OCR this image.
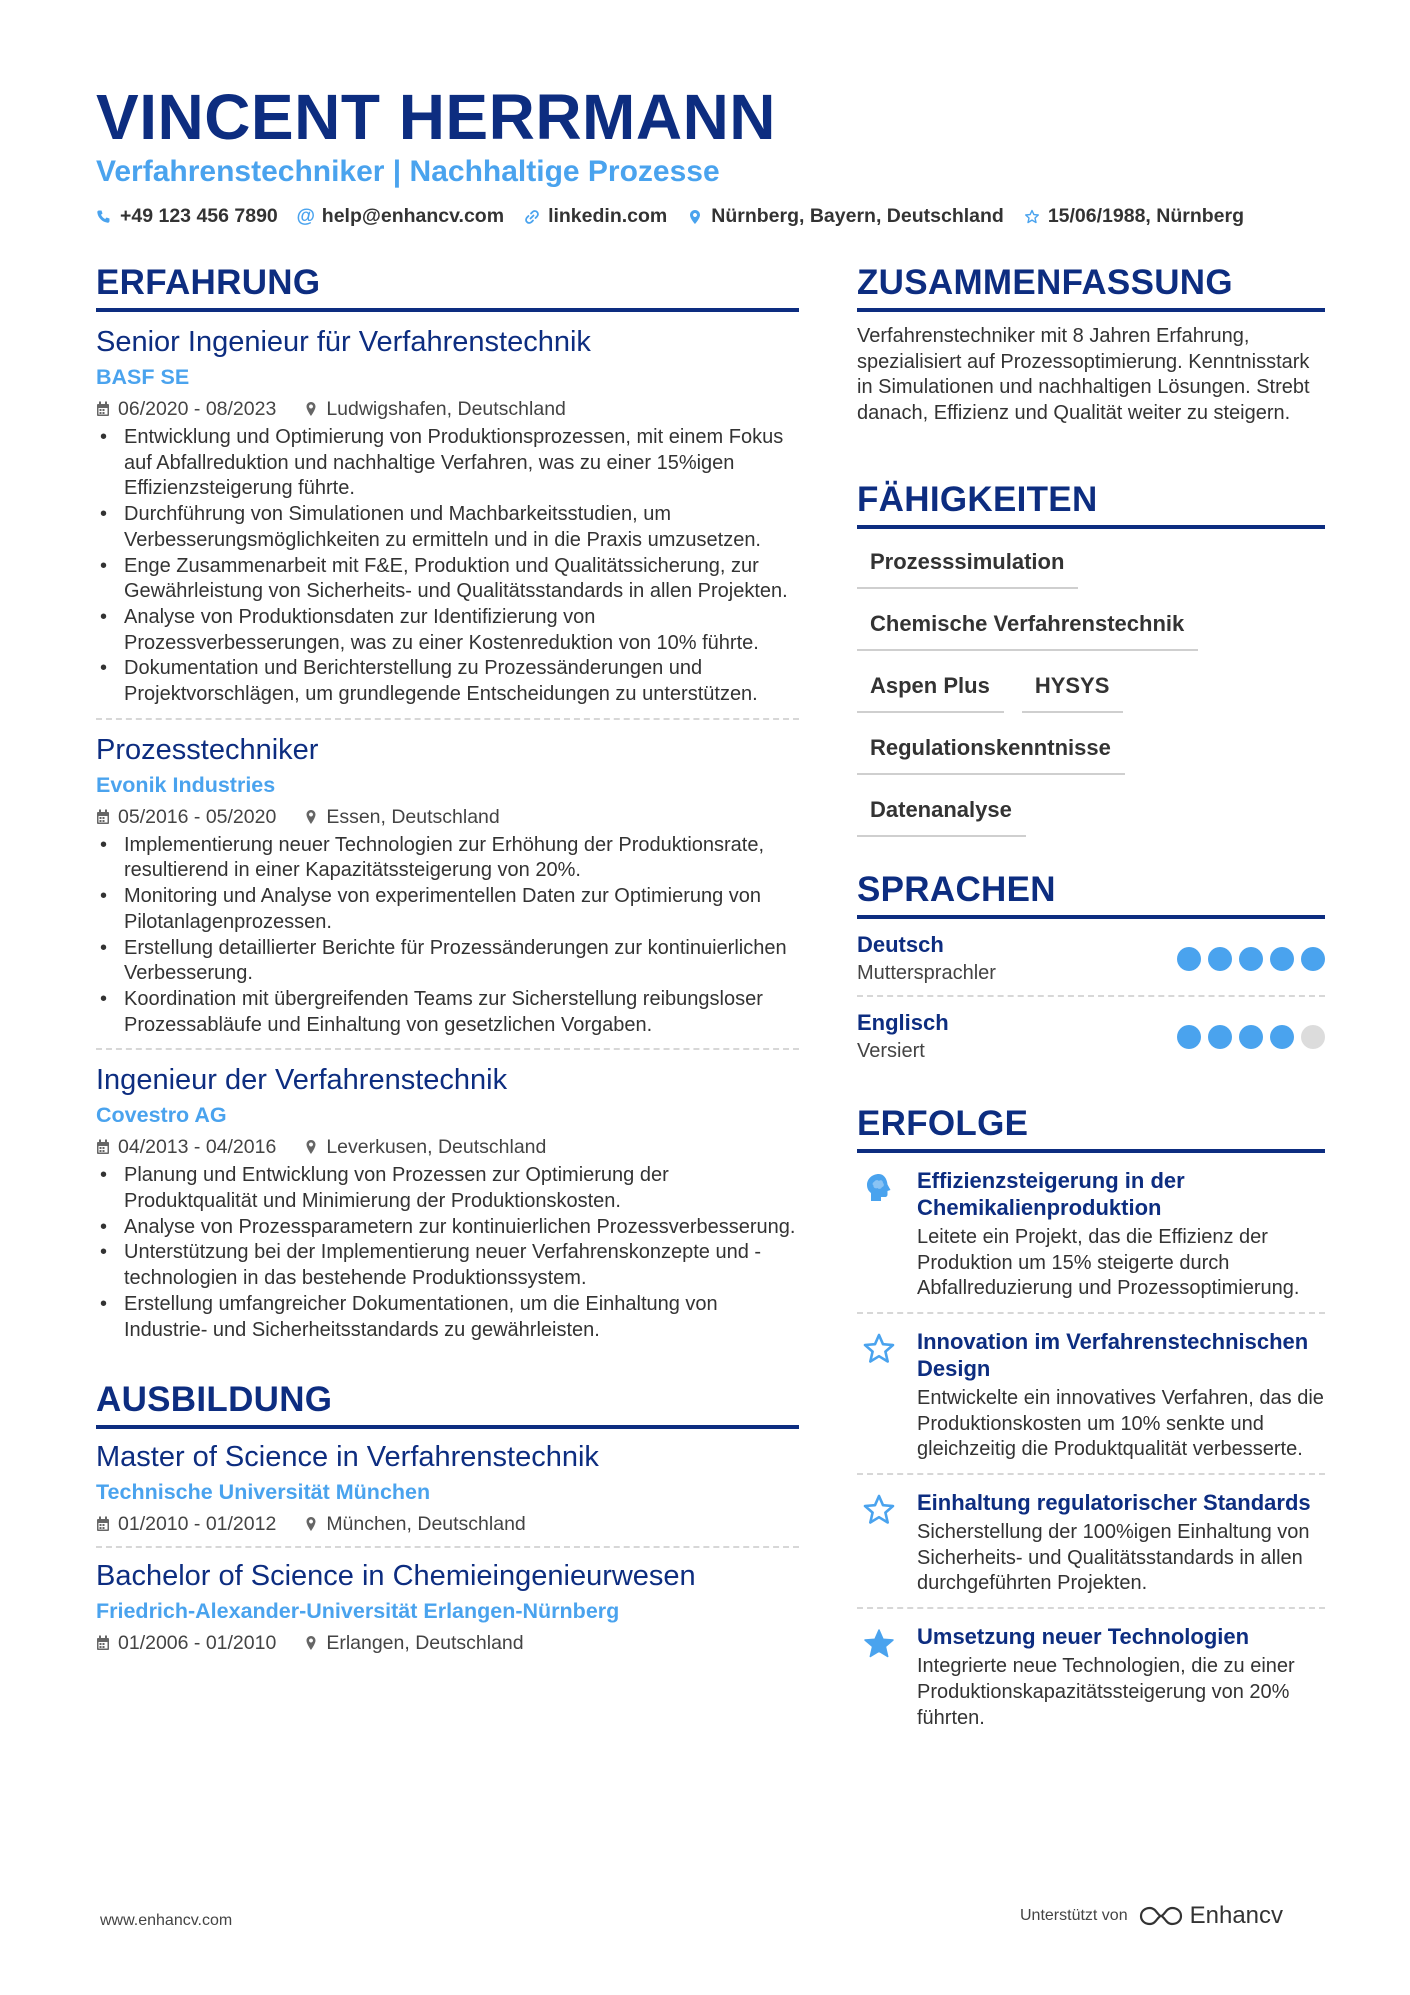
VINCENT HERRMANN
Verfahrenstechniker | Nachhaltige Prozesse
+49 123 456 7890 @ help@enhancv.com linkedin.com Nürnberg, Bayern, Deutschland 15/06/1988, Nürnberg
ERFAHRUNG
Senior Ingenieur für Verfahrenstechnik
BASF SE
06/2020 - 08/2023	Ludwigshafen, Deutschland
• Entwicklung und Optimierung von Produktionsprozessen, mit einem Fokus auf Abfallreduktion und nachhaltige Verfahren, was zu einer 15%igen Effizienzsteigerung führte.
• Durchführung von Simulationen und Machbarkeitsstudien, um Verbesserungsmöglichkeiten zu ermitteln und in die Praxis umzusetzen.
• Enge Zusammenarbeit mit F&E, Produktion und Qualitätssicherung, zur Gewährleistung von Sicherheits- und Qualitätsstandards in allen Projekten.
• Analyse von Produktionsdaten zur Identifizierung von Prozessverbesserungen, was zu einer Kostenreduktion von 10% führte.
• Dokumentation und Berichterstellung zu Prozessänderungen und Projektvorschlägen, um grundlegende Entscheidungen zu unterstützen.
Prozesstechniker
Evonik Industries
05/2016 - 05/2020	Essen, Deutschland
• Implementierung neuer Technologien zur Erhöhung der Produktionsrate, resultierend in einer Kapazitätssteigerung von 20%.
• Monitoring und Analyse von experimentellen Daten zur Optimierung von Pilotanlagenprozessen.
• Erstellung detaillierter Berichte für Prozessänderungen zur kontinuierlichen Verbesserung.
• Koordination mit übergreifenden Teams zur Sicherstellung reibungsloser Prozessabläufe und Einhaltung von gesetzlichen Vorgaben.
Ingenieur der Verfahrenstechnik
Covestro AG
04/2013 - 04/2016	Leverkusen, Deutschland
• Planung und Entwicklung von Prozessen zur Optimierung der Produktqualität und Minimierung der Produktionskosten.
• Analyse von Prozessparametern zur kontinuierlichen Prozessverbesserung.
• Unterstützung bei der Implementierung neuer Verfahrenskonzepte und -technologien in das bestehende Produktionssystem.
• Erstellung umfangreicher Dokumentationen, um die Einhaltung von Industrie- und Sicherheitsstandards zu gewährleisten.
AUSBILDUNG
Master of Science in Verfahrenstechnik
Technische Universität München
01/2010 - 01/2012	München, Deutschland
Bachelor of Science in Chemieingenieurwesen
Friedrich-Alexander-Universität Erlangen-Nürnberg
01/2006 - 01/2010	Erlangen, Deutschland
ZUSAMMENFASSUNG
Verfahrenstechniker mit 8 Jahren Erfahrung, spezialisiert auf Prozessoptimierung. Kenntnisstark in Simulationen und nachhaltigen Lösungen. Strebt danach, Effizienz und Qualität weiter zu steigern.
FÄHIGKEITEN
Prozesssimulation
Chemische Verfahrenstechnik
Aspen Plus	HYSYS
Regulationskenntnisse
Datenanalyse
SPRACHEN
Deutsch
Muttersprachler
Englisch
Versiert
ERFOLGE
Effizienzsteigerung in der Chemikalienproduktion
Leitete ein Projekt, das die Effizienz der Produktion um 15% steigerte durch Abfallreduzierung und Prozessoptimierung.
Innovation im Verfahrenstechnischen Design
Entwickelte ein innovatives Verfahren, das die Produktionskosten um 10% senkte und gleichzeitig die Produktqualität verbesserte.
Einhaltung regulatorischer Standards
Sicherstellung der 100%igen Einhaltung von Sicherheits- und Qualitätsstandards in allen durchgeführten Projekten.
Umsetzung neuer Technologien
Integrierte neue Technologien, die zu einer Produktionskapazitätssteigerung von 20% führten.
www.enhancv.com	Unterstützt von	Enhancv
